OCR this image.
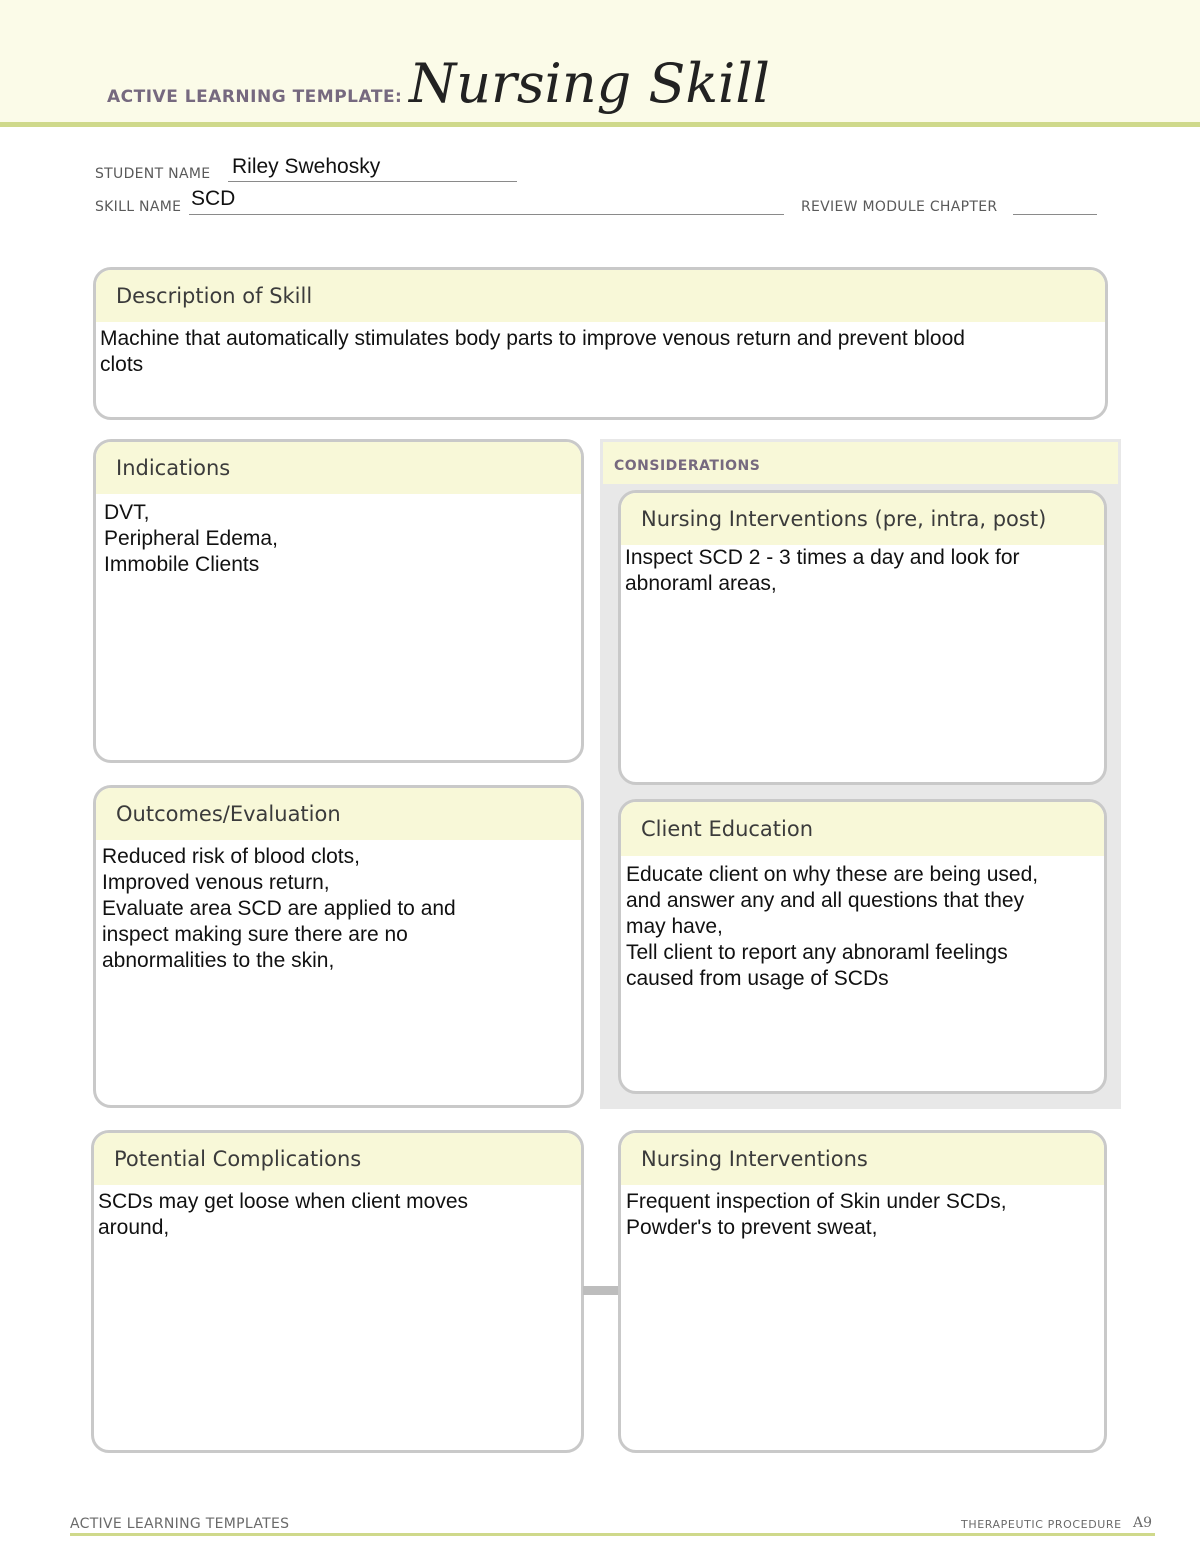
ACTIVE LEARNING TEMPLATE: Nursing Skill
STUDENT NAME Riley Swehosky
SKILL NAME SCD	REVIEW MODULE CHAPTER
Description of Skill
Machine that automatically stimulates body parts to improve venous return and prevent blood
clots
Indications
DVT,
Peripheral Edema,
Immobile Clients
CONSIDERATIONS
Nursing Interventions (pre, intra, post)
Inspect SCD 2 - 3 times a day and look for
abnoraml areas,
Outcomes/Evaluation
Reduced risk of blood clots,
Improved venous return,
Evaluate area SCD are applied to and
inspect making sure there are no
abnormalities to the skin,
Client Education
Educate client on why these are being used,
and answer any and all questions that they
may have,
Tell client to report any abnoraml feelings
caused from usage of SCDs
Potential Complications
SCDs may get loose when client moves
around,
Nursing Interventions
Frequent inspection of Skin under SCDs,
Powder's to prevent sweat,
ACTIVE LEARNING TEMPLATES	THERAPEUTIC PROCEDURE A9
